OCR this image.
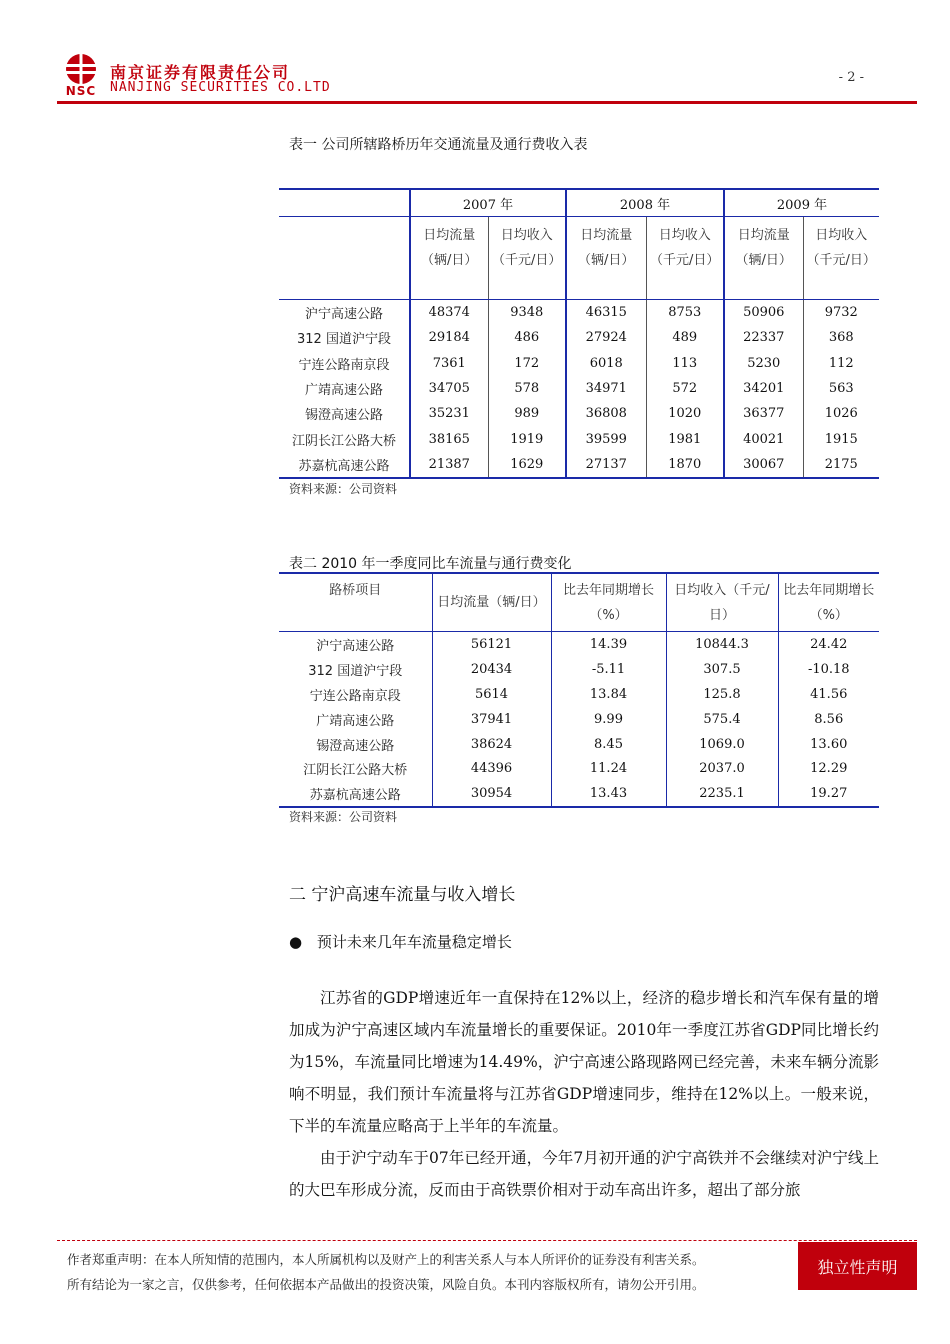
NSC
南京证券有限责任公司
NANJING SECURITIES CO.LTD
- 2 -
表一 公司所辖路桥历年交通流量及通行费收入表
	2007 年		2008 年		2009 年	
	日均流量（辆/日）	日均收入（千元/日）	日均流量（辆/日）	日均收入（千元/日）	日均流量（辆/日）	日均收入（千元/日）
沪宁高速公路	48374	9348	46315	8753	50906	9732
312 国道沪宁段	29184	486	27924	489	22337	368
宁连公路南京段	7361	172	6018	113	5230	112
广靖高速公路	34705	578	34971	572	34201	563
锡澄高速公路	35231	989	36808	1020	36377	1026
江阴长江公路大桥	38165	1919	39599	1981	40021	1915
苏嘉杭高速公路	21387	1629	27137	1870	30067	2175
资料来源：公司资料
表二 2010 年一季度同比车流量与通行费变化
路桥项目	日均流量（辆/日）	比去年同期增长（%）	日均收入（千元/日）	比去年同期增长（%）
沪宁高速公路	56121	14.39	10844.3	24.42
312 国道沪宁段	20434	-5.11	307.5	-10.18
宁连公路南京段	5614	13.84	125.8	41.56
广靖高速公路	37941	9.99	575.4	8.56
锡澄高速公路	38624	8.45	1069.0	13.60
江阴长江公路大桥	44396	11.24	2037.0	12.29
苏嘉杭高速公路	30954	13.43	2235.1	19.27
资料来源：公司资料
二 宁沪高速车流量与收入增长
● 预计未来几年车流量稳定增长
江苏省的GDP增速近年一直保持在12%以上，经济的稳步增长和汽车保有量的增加成为沪宁高速区域内车流量增长的重要保证。2010年一季度江苏省GDP同比增长约为15%，车流量同比增速为14.49%，沪宁高速公路现路网已经完善，未来车辆分流影响不明显，我们预计车流量将与江苏省GDP增速同步，维持在12%以上。一般来说，下半的车流量应略高于上半年的车流量。
由于沪宁动车于07年已经开通，今年7月初开通的沪宁高铁并不会继续对沪宁线上的大巴车形成分流，反而由于高铁票价相对于动车高出许多，超出了部分旅
作者郑重声明：在本人所知情的范围内，本人所属机构以及财产上的利害关系人与本人所评价的证券没有利害关系。
所有结论为一家之言，仅供参考，任何依据本产品做出的投资决策，风险自负。本刊内容版权所有，请勿公开引用。
独立性声明
